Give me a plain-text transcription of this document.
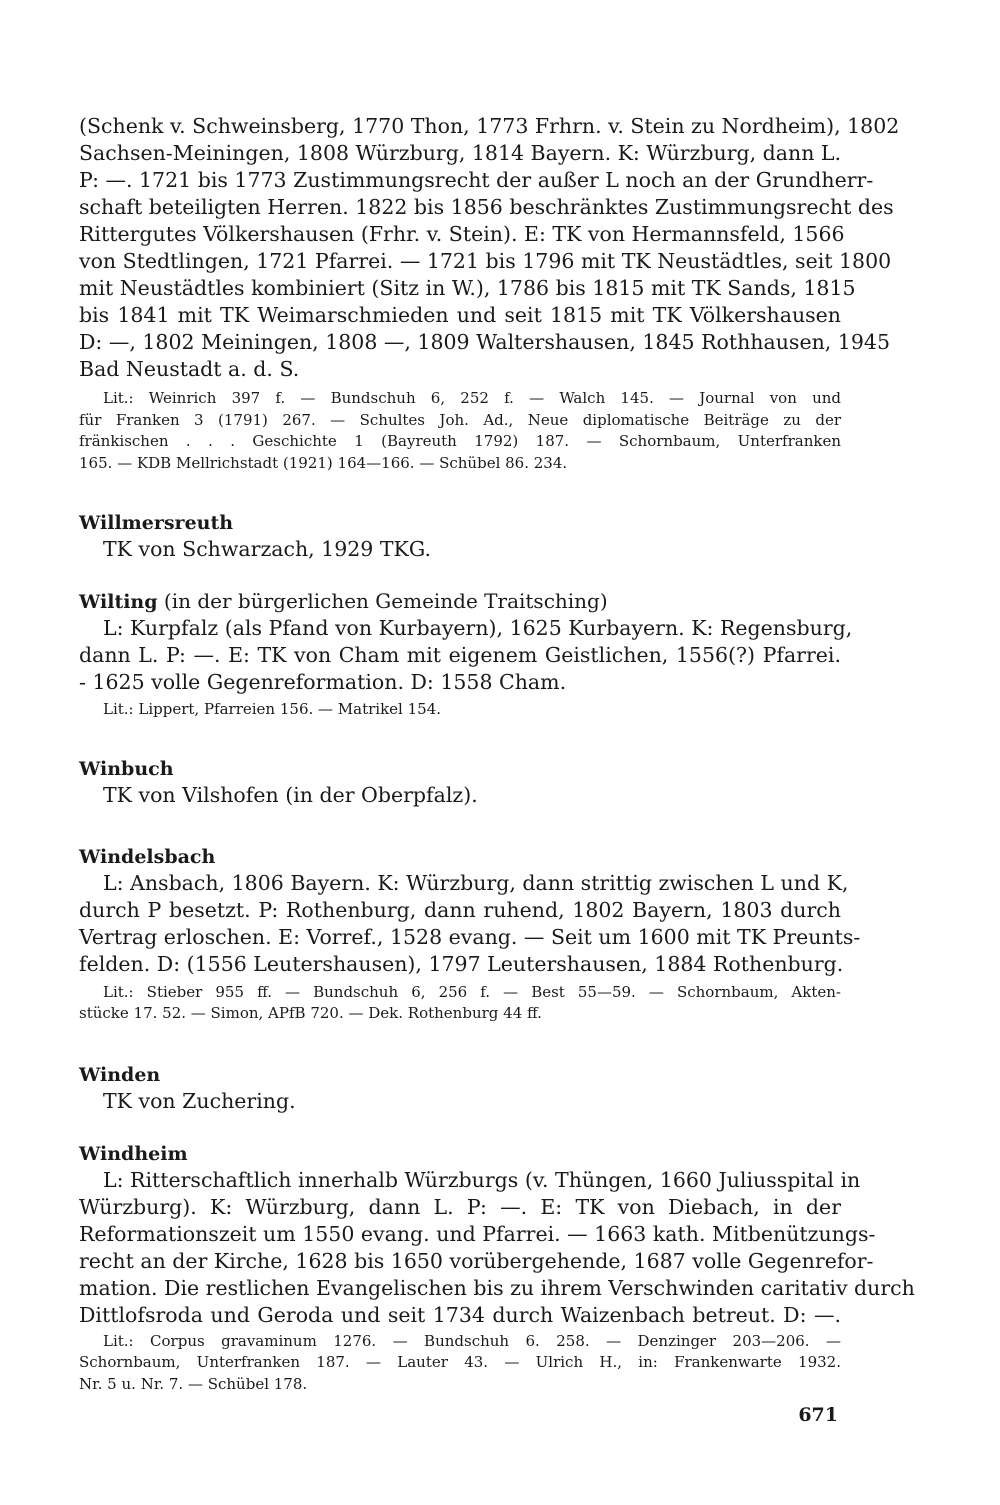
(Schenk v. Schweinsberg, 1770 Thon, 1773 Frhrn. v. Stein zu Nordheim), 1802
Sachsen-Meiningen, 1808 Würzburg, 1814 Bayern. K: Würzburg, dann L.
P: —. 1721 bis 1773 Zustimmungsrecht der außer L noch an der Grundherr-
schaft beteiligten Herren. 1822 bis 1856 beschränktes Zustimmungsrecht des
Rittergutes Völkershausen (Frhr. v. Stein). E: TK von Hermannsfeld, 1566
von Stedtlingen, 1721 Pfarrei. — 1721 bis 1796 mit TK Neustädtles, seit 1800
mit Neustädtles kombiniert (Sitz in W.), 1786 bis 1815 mit TK Sands, 1815
bis 1841 mit TK Weimarschmieden und seit 1815 mit TK Völkershausen
D: —, 1802 Meiningen, 1808 —, 1809 Waltershausen, 1845 Rothhausen, 1945
Bad Neustadt a. d. S.
Lit.: Weinrich 397 f. — Bundschuh 6, 252 f. — Walch 145. — Journal von und
für Franken 3 (1791) 267. — Schultes Joh. Ad., Neue diplomatische Beiträge zu der
fränkischen . . . Geschichte 1 (Bayreuth 1792) 187. — Schornbaum, Unterfranken
165. — KDB Mellrichstadt (1921) 164—166. — Schübel 86. 234.
Willmersreuth
TK von Schwarzach, 1929 TKG.
Wilting (in der bürgerlichen Gemeinde Traitsching)
L: Kurpfalz (als Pfand von Kurbayern), 1625 Kurbayern. K: Regensburg,
dann L. P: —. E: TK von Cham mit eigenem Geistlichen, 1556(?) Pfarrei.
- 1625 volle Gegenreformation. D: 1558 Cham.
Lit.: Lippert, Pfarreien 156. — Matrikel 154.
Winbuch
TK von Vilshofen (in der Oberpfalz).
Windelsbach
L: Ansbach, 1806 Bayern. K: Würzburg, dann strittig zwischen L und K,
durch P besetzt. P: Rothenburg, dann ruhend, 1802 Bayern, 1803 durch
Vertrag erloschen. E: Vorref., 1528 evang. — Seit um 1600 mit TK Preunts-
felden. D: (1556 Leutershausen), 1797 Leutershausen, 1884 Rothenburg.
Lit.: Stieber 955 ff. — Bundschuh 6, 256 f. — Best 55—59. — Schornbaum, Akten-
stücke 17. 52. — Simon, APfB 720. — Dek. Rothenburg 44 ff.
Winden
TK von Zuchering.
Windheim
L: Ritterschaftlich innerhalb Würzburgs (v. Thüngen, 1660 Juliusspital in
Würzburg). K: Würzburg, dann L. P: —. E: TK von Diebach, in der
Reformationszeit um 1550 evang. und Pfarrei. — 1663 kath. Mitbenützungs-
recht an der Kirche, 1628 bis 1650 vorübergehende, 1687 volle Gegenrefor-
mation. Die restlichen Evangelischen bis zu ihrem Verschwinden caritativ durch
Dittlofsroda und Geroda und seit 1734 durch Waizenbach betreut. D: —.
Lit.: Corpus gravaminum 1276. — Bundschuh 6. 258. — Denzinger 203—206. —
Schornbaum, Unterfranken 187. — Lauter 43. — Ulrich H., in: Frankenwarte 1932.
Nr. 5 u. Nr. 7. — Schübel 178.
671
